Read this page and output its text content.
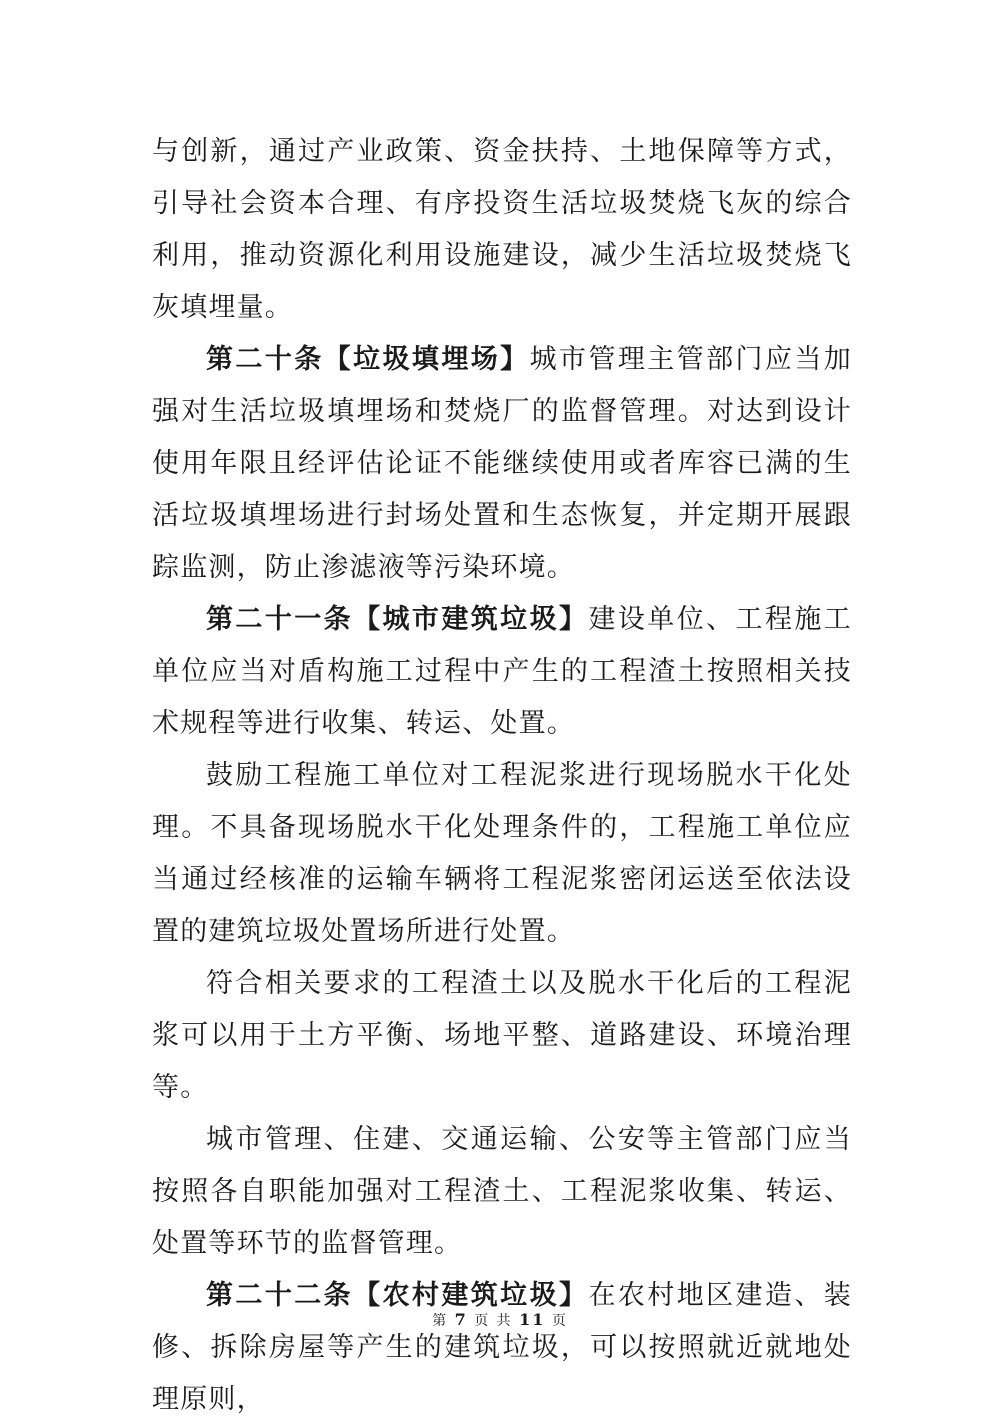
与创新，通过产业政策、资金扶持、土地保障等方式，引导社会资本合理、有序投资生活垃圾焚烧飞灰的综合利用，推动资源化利用设施建设，减少生活垃圾焚烧飞灰填埋量。

第二十条【垃圾填埋场】城市管理主管部门应当加强对生活垃圾填埋场和焚烧厂的监督管理。对达到设计使用年限且经评估论证不能继续使用或者库容已满的生活垃圾填埋场进行封场处置和生态恢复，并定期开展跟踪监测，防止渗滤液等污染环境。

第二十一条【城市建筑垃圾】建设单位、工程施工单位应当对盾构施工过程中产生的工程渣土按照相关技术规程等进行收集、转运、处置。

鼓励工程施工单位对工程泥浆进行现场脱水干化处理。不具备现场脱水干化处理条件的，工程施工单位应当通过经核准的运输车辆将工程泥浆密闭运送至依法设置的建筑垃圾处置场所进行处置。

符合相关要求的工程渣土以及脱水干化后的工程泥浆可以用于土方平衡、场地平整、道路建设、环境治理等。

城市管理、住建、交通运输、公安等主管部门应当按照各自职能加强对工程渣土、工程泥浆收集、转运、处置等环节的监督管理。

第二十二条【农村建筑垃圾】在农村地区建造、装修、拆除房屋等产生的建筑垃圾，可以按照就近就地处理原则，

第 7 页 共 11 页
